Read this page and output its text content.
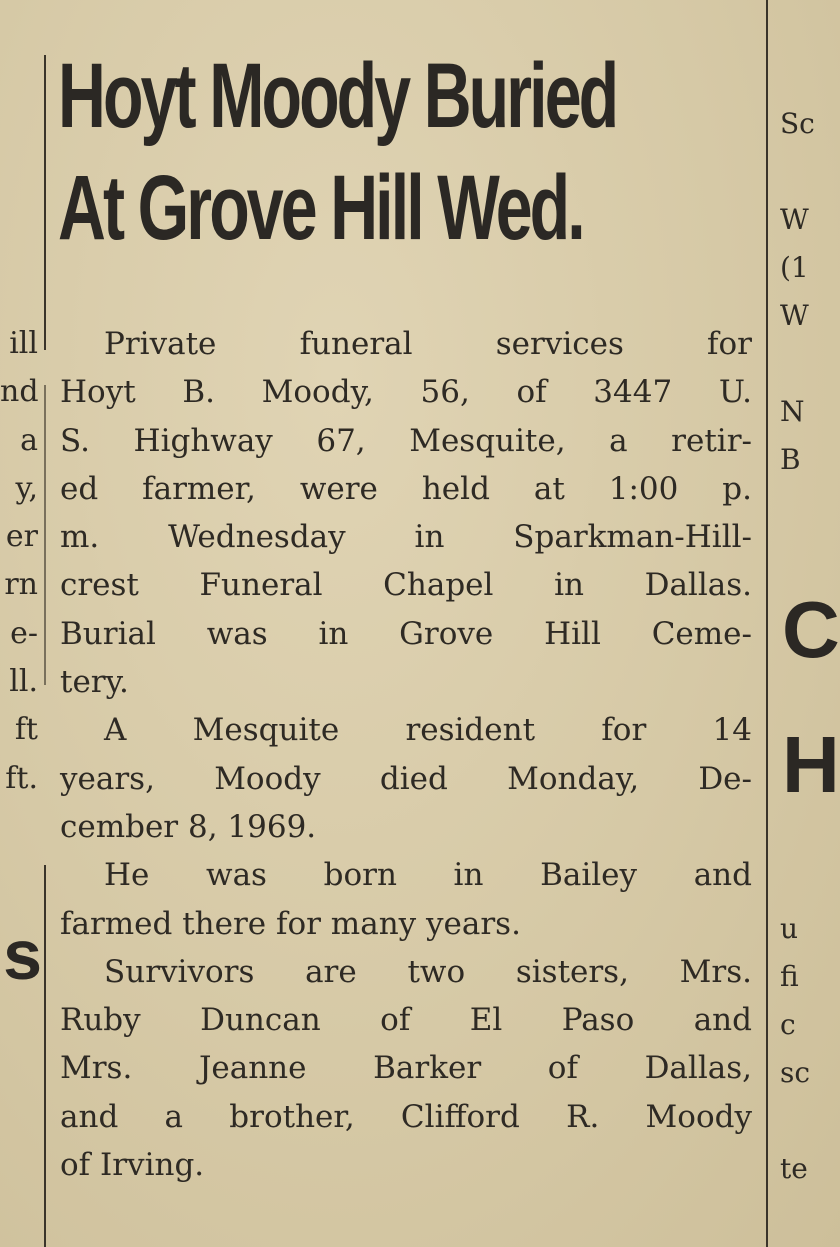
Hoyt Moody Buried
At Grove Hill Wed.
Private funeral services for
Hoyt B. Moody, 56, of 3447 U.
S. Highway 67, Mesquite, a retir-
ed farmer, were held at 1:00 p.
m. Wednesday in Sparkman-Hill-
crest Funeral Chapel in Dallas.
Burial was in Grove Hill Ceme-
tery.
A Mesquite resident for 14
years, Moody died Monday, De-
cember 8, 1969.
He was born in Bailey and
farmed there for many years.
Survivors are two sisters, Mrs.
Ruby Duncan of El Paso and
Mrs. Jeanne Barker of Dallas,
and a brother, Clifford R. Moody
of Irving.
ill
nd
a
y,
er
rn
e-
ll.
ft
ft.
s
Sc
W
(1
W
N
B
C
H
u
fi
c
sc
te
